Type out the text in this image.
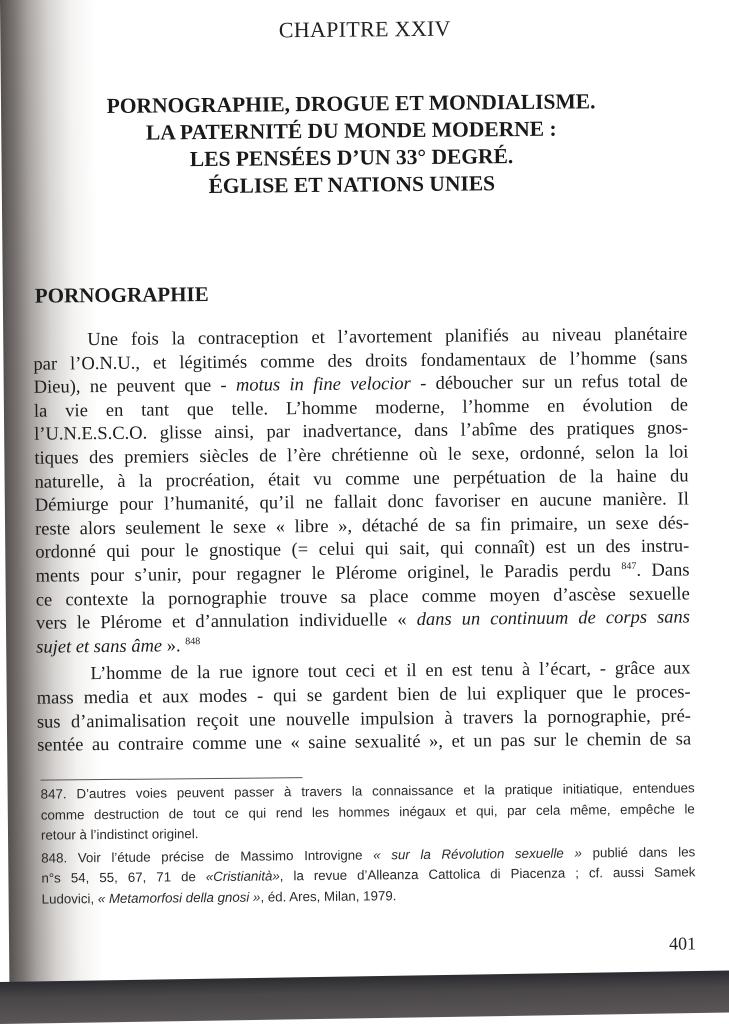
CHAPITRE XXIV
PORNOGRAPHIE, DROGUE ET MONDIALISME.
LA PATERNITÉ DU MONDE MODERNE :
LES PENSÉES D’UN 33° DEGRÉ.
ÉGLISE ET NATIONS UNIES
PORNOGRAPHIE
Une fois la contraception et l’avortement planifiés au niveau planétaire
par l’O.N.U., et légitimés comme des droits fondamentaux de l’homme (sans
Dieu), ne peuvent que - motus in fine velocior - déboucher sur un refus total de
la vie en tant que telle. L’homme moderne, l’homme en évolution de
l’U.N.E.S.C.O. glisse ainsi, par inadvertance, dans l’abîme des pratiques gnos-
tiques des premiers siècles de l’ère chrétienne où le sexe, ordonné, selon la loi
naturelle, à la procréation, était vu comme une perpétuation de la haine du
Démiurge pour l’humanité, qu’il ne fallait donc favoriser en aucune manière. Il
reste alors seulement le sexe « libre », détaché de sa fin primaire, un sexe dés-
ordonné qui pour le gnostique (= celui qui sait, qui connaît) est un des instru-
ments pour s’unir, pour regagner le Plérome originel, le Paradis perdu $^{847}$. Dans
ce contexte la pornographie trouve sa place comme moyen d’ascèse sexuelle
vers le Plérome et d’annulation individuelle « dans un continuum de corps sans
sujet et sans âme ». $^{848}$
L’homme de la rue ignore tout ceci et il en est tenu à l’écart, - grâce aux
mass media et aux modes - qui se gardent bien de lui expliquer que le proces-
sus d’animalisation reçoit une nouvelle impulsion à travers la pornographie, pré-
sentée au contraire comme une « saine sexualité », et un pas sur le chemin de sa
847. D’autres voies peuvent passer à travers la connaissance et la pratique initiatique, entendues
comme destruction de tout ce qui rend les hommes inégaux et qui, par cela même, empêche le
retour à l’indistinct originel.
848. Voir l’étude précise de Massimo Introvigne « sur la Révolution sexuelle » publié dans les
n°s 54, 55, 67, 71 de «Cristianità», la revue d’Alleanza Cattolica di Piacenza ; cf. aussi Samek
Ludovici, « Metamorfosi della gnosi », éd. Ares, Milan, 1979.
401
